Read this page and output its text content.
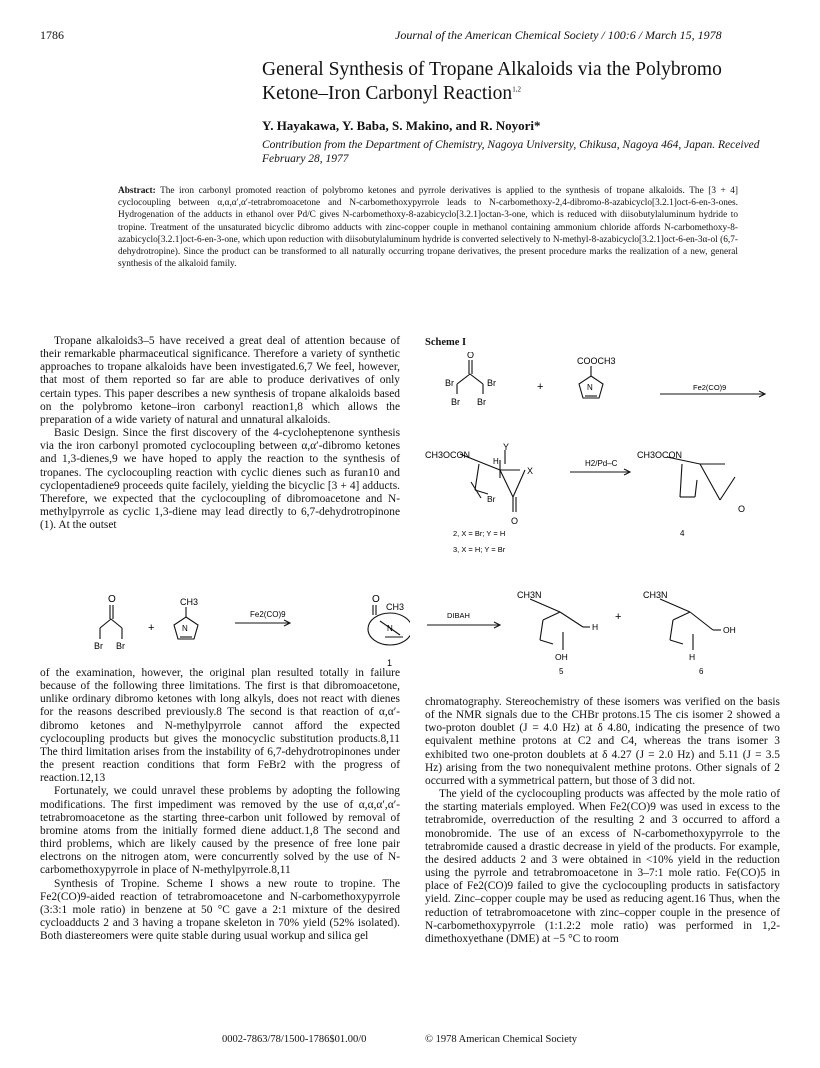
1786	Journal of the American Chemical Society / 100:6 / March 15, 1978
General Synthesis of Tropane Alkaloids via the Polybromo Ketone–Iron Carbonyl Reaction$^{1,2}$
Y. Hayakawa, Y. Baba, S. Makino, and R. Noyori*
Contribution from the Department of Chemistry, Nagoya University, Chikusa, Nagoya 464, Japan. Received February 28, 1977
Abstract: The iron carbonyl promoted reaction of polybromo ketones and pyrrole derivatives is applied to the synthesis of tropane alkaloids. The [3 + 4] cyclocoupling between α,α,α′,α′-tetrabromoacetone and N-carbomethoxypyrrole leads to N-carbomethoxy-2,4-dibromo-8-azabicyclo[3.2.1]oct-6-en-3-ones. Hydrogenation of the adducts in ethanol over Pd/C gives N-carbomethoxy-8-azabicyclo[3.2.1]octan-3-one, which is reduced with diisobutylaluminum hydride to tropine. Treatment of the unsaturated bicyclic dibromo adducts with zinc-copper couple in methanol containing ammonium chloride affords N-carbomethoxy-8-azabicyclo[3.2.1]oct-6-en-3-one, which upon reduction with diisobutylaluminum hydride is converted selectively to N-methyl-8-azabicyclo[3.2.1]oct-6-en-3α-ol (6,7-dehydrotropine). Since the product can be transformed to all naturally occurring tropane derivatives, the present procedure marks the realization of a new, general synthesis of the alkaloid family.

Tropane alkaloids3–5 have received a great deal of attention because of their remarkable pharmaceutical significance. Therefore a variety of synthetic approaches to tropane alkaloids have been investigated.6,7 We feel, however, that most of them reported so far are able to produce derivatives of only certain types. This paper describes a new synthesis of tropane alkaloids based on the polybromo ketone–iron carbonyl reaction1,8 which allows the preparation of a wide variety of natural and unnatural alkaloids.

Basic Design. Since the first discovery of the 4-cycloheptenone synthesis via the iron carbonyl promoted cyclocoupling between α,α′-dibromo ketones and 1,3-dienes,9 we have hoped to apply the reaction to the synthesis of tropanes. The cyclocoupling reaction with cyclic dienes such as furan10 and cyclopentadiene9 proceeds quite facilely, yielding the bicyclic [3 + 4] adducts. Therefore, we expected that the cyclocoupling of dibromoacetone and N-methylpyrrole as cyclic 1,3-diene may lead directly to 6,7-dehydrotropinone (1). At the outset

O
Br Br
+
CH3
N
Fe2(CO)9
O
CH3
N
1

of the examination, however, the original plan resulted totally in failure because of the following three limitations. The first is that dibromoacetone, unlike ordinary dibromo ketones with long alkyls, does not react with dienes for the reasons described previously.8 The second is that reaction of α,α′-dibromo ketones and N-methylpyrrole cannot afford the expected cyclocoupling products but gives the monocyclic substitution products.8,11 The third limitation arises from the instability of 6,7-dehydrotropinones under the present reaction conditions that form FeBr2 with the progress of reaction.12,13

Fortunately, we could unravel these problems by adopting the following modifications. The first impediment was removed by the use of α,α,α′,α′-tetrabromoacetone as the starting three-carbon unit followed by removal of bromine atoms from the initially formed diene adduct.1,8 The second and third problems, which are likely caused by the presence of free lone pair electrons on the nitrogen atom, were concurrently solved by the use of N-carbomethoxypyrrole in place of N-methylpyrrole.8,11

Synthesis of Tropine. Scheme I shows a new route to tropine. The Fe2(CO)9-aided reaction of tetrabromoacetone and N-carbomethoxypyrrole (3:3:1 mole ratio) in benzene at 50 °C gave a 2:1 mixture of the desired cycloadducts 2 and 3 having a tropane skeleton in 70% yield (52% isolated). Both diastereomers were quite stable during usual workup and silica gel

Scheme I
O
Br	Br
Br Br
+
COOCH3
N	Fe2(CO)9
CH3OCON
Y
H
X
Br
O
H2/Pd–C
CH3OCON
O
2, X = Br; Y = H
3, X = H; Y = Br
4
DIBAH
CH3N
H
OH
+
CH3N
OH
H
5	6

chromatography. Stereochemistry of these isomers was verified on the basis of the NMR signals due to the CHBr protons.15 The cis isomer 2 showed a two-proton doublet (J = 4.0 Hz) at δ 4.80, indicating the presence of two equivalent methine protons at C2 and C4, whereas the trans isomer 3 exhibited two one-proton doublets at δ 4.27 (J = 2.0 Hz) and 5.11 (J = 3.5 Hz) arising from the two nonequivalent methine protons. Other signals of 2 occurred with a symmetrical pattern, but those of 3 did not.

The yield of the cyclocoupling products was affected by the mole ratio of the starting materials employed. When Fe2(CO)9 was used in excess to the tetrabromide, overreduction of the resulting 2 and 3 occurred to afford a monobromide. The use of an excess of N-carbomethoxypyrrole to the tetrabromide caused a drastic decrease in yield of the products. For example, the desired adducts 2 and 3 were obtained in <10% yield in the reduction using the pyrrole and tetrabromoacetone in 3–7:1 mole ratio. Fe(CO)5 in place of Fe2(CO)9 failed to give the cyclocoupling products in satisfactory yield. Zinc–copper couple may be used as reducing agent.16 Thus, when the reduction of tetrabromoacetone with zinc–copper couple in the presence of N-carbomethoxypyrrole (1:1.2:2 mole ratio) was performed in 1,2-dimethoxyethane (DME) at −5 °C to room

0002-7863/78/1500-1786$01.00/0	© 1978 American Chemical Society
